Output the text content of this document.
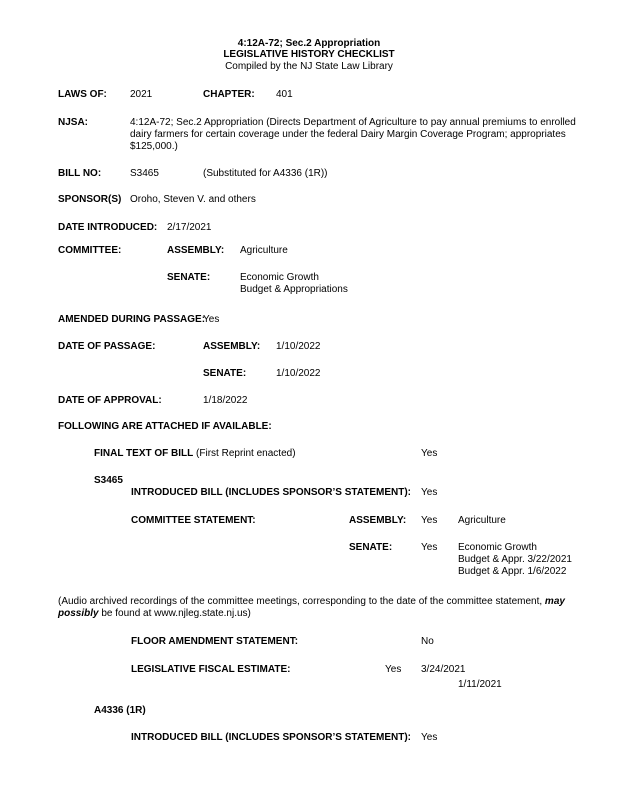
4:12A-72; Sec.2 Appropriation
LEGISLATIVE HISTORY CHECKLIST
Compiled by the NJ State Law Library
LAWS OF: 2021	CHAPTER: 401
NJSA:	4:12A-72; Sec.2 Appropriation (Directs Department of Agriculture to pay annual premiums to enrolled
dairy farmers for certain coverage under the federal Dairy Margin Coverage Program; appropriates
$125,000.)
BILL NO:	S3465	(Substituted for A4336 (1R))
SPONSOR(S) Oroho, Steven V. and others
DATE INTRODUCED: 2/17/2021
COMMITTEE:	ASSEMBLY: Agriculture
SENATE:	Economic Growth
Budget & Appropriations
AMENDED DURING PASSAGE:
Yes
DATE OF PASSAGE:	ASSEMBLY: 1/10/2022
SENATE:	1/10/2022
DATE OF APPROVAL:	1/18/2022
FOLLOWING ARE ATTACHED IF AVAILABLE:
FINAL TEXT OF BILL (First Reprint enacted)	Yes
S3465
INTRODUCED BILL (INCLUDES SPONSOR’S STATEMENT): Yes
COMMITTEE STATEMENT:	ASSEMBLY: Yes Agriculture
SENATE:	Yes Economic Growth
Budget & Appr. 3/22/2021
Budget & Appr. 1/6/2022
(Audio archived recordings of the committee meetings, corresponding to the date of the committee statement, may
possibly be found at www.njleg.state.nj.us)
FLOOR AMENDMENT STATEMENT:	No
LEGISLATIVE FISCAL ESTIMATE:	Yes 3/24/2021
1/11/2021
A4336 (1R)
INTRODUCED BILL (INCLUDES SPONSOR’S STATEMENT): Yes
